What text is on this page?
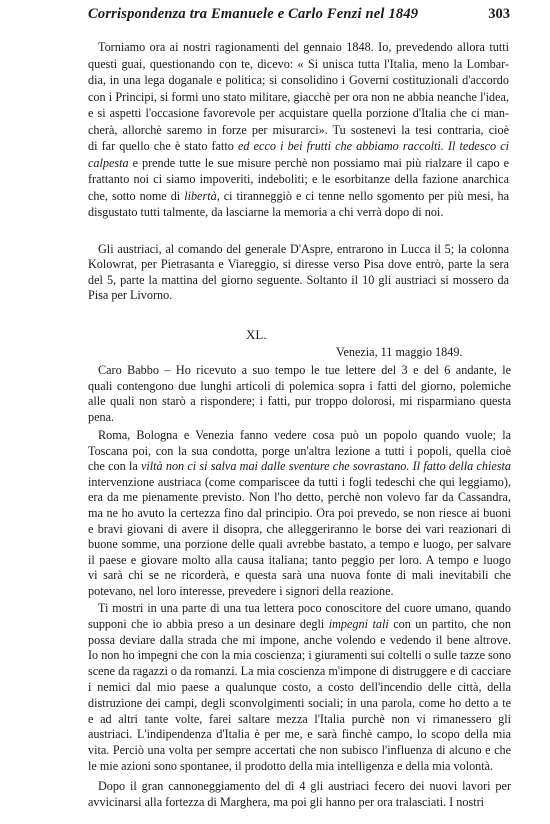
Corrispondenza tra Emanuele e Carlo Fenzi nel 1849	303
Torniamo ora ai nostri ragionamenti del gennaio 1848. Io, prevedendo allora tutti
questi guai, questionando con te, dicevo: « Si unisca tutta l'Italia, meno la Lombar-
dia, in una lega doganale e politica; si consolidino i Governi costituzionali d'accordo
con i Principi, si formi uno stato militare, giacchè per ora non ne abbia neanche l'idea,
e si aspetti l'occasione favorevole per acquistare quella porzione d'Italia che ci man-
cherà, allorchè saremo in forze per misurarci». Tu sostenevi la tesi contraria, cioè
di far quello che è stato fatto ed ecco i bei frutti che abbiamo raccolti. Il tedesco ci
calpesta e prende tutte le sue misure perchè non possiamo mai più rialzare il capo e
frattanto noi ci siamo impoveriti, indeboliti; e le esorbitanze della fazione anarchica
che, sotto nome di libertà, ci tiranneggiò e ci tenne nello sgomento per più mesi, ha
disgustato tutti talmente, da lasciarne la memoria a chi verrà dopo di noi.
Gli austriaci, al comando del generale D'Aspre, entrarono in Lucca il 5; la colonna
Kolowrat, per Pietrasanta e Viareggio, si diresse verso Pisa dove entrò, parte la sera
del 5, parte la mattina del giorno seguente. Soltanto il 10 gli austriaci si mossero da
Pisa per Livorno.
Caro Babbo – Ho ricevuto a suo tempo le tue lettere del 3 e del 6 andante, le
quali contengono due lunghi articoli di polemica sopra i fatti del giorno, polemiche
alle quali non starò a rispondere; i fatti, pur troppo dolorosi, mi risparmiano questa
pena.
Roma, Bologna e Venezia fanno vedere cosa può un popolo quando vuole; la
Toscana poi, con la sua condotta, porge un'altra lezione a tutti i popoli, quella cioè
che con la viltà non ci si salva mai dalle sventure che sovrastano. Il fatto della chiesta
intervenzione austriaca (come compariscee da tutti i fogli tedeschi che qui leggiamo),
era da me pienamente previsto. Non l'ho detto, perchè non volevo far da Cassandra,
ma ne ho avuto la certezza fino dal principio. Ora poi prevedo, se non riesce ai buoni
e bravi giovani di avere il disopra, che alleggeriranno le borse dei vari reazionari di
buone somme, una porzione delle quali avrebbe bastato, a tempo e luogo, per salvare
il paese e giovare molto alla causa italiana; tanto peggio per loro. A tempo e luogo
vi sarà chi se ne ricorderà, e questa sarà una nuova fonte di mali inevitabili che
potevano, nel loro interesse, prevedere i signori della reazione.
Ti mostri in una parte di una tua lettera poco conoscitore del cuore umano, quando
supponi che io abbia preso a un desinare degli impegni tali con un partito, che non
possa deviare dalla strada che mi impone, anche volendo e vedendo il bene altrove.
Io non ho impegni che con la mia coscienza; i giuramenti sui coltelli o sulle tazze sono
scene da ragazzi o da romanzi. La mia coscienza m'impone di distruggere e di cacciare
i nemici dal mio paese a qualunque costo, a costo dell'incendio delle città, della
distruzione dei campi, degli sconvolgimenti sociali; in una parola, come ho detto a te
e ad altri tante volte, farei saltare mezza l'Italia purchè non vi rimanessero gli
austriaci. L'indipendenza d'Italia è per me, e sarà finchè campo, lo scopo della mia
vita. Perciò una volta per sempre accertati che non subisco l'influenza di alcuno e che
le mie azioni sono spontanee, il prodotto della mia intelligenza e della mia volontà.
Dopo il gran cannoneggiamento del dì 4 gli austriaci fecero dei nuovi lavori per
avvicinarsi alla fortezza di Marghera, ma poi gli hanno per ora tralasciati. I nostri
XL.
Venezia, 11 maggio 1849.
